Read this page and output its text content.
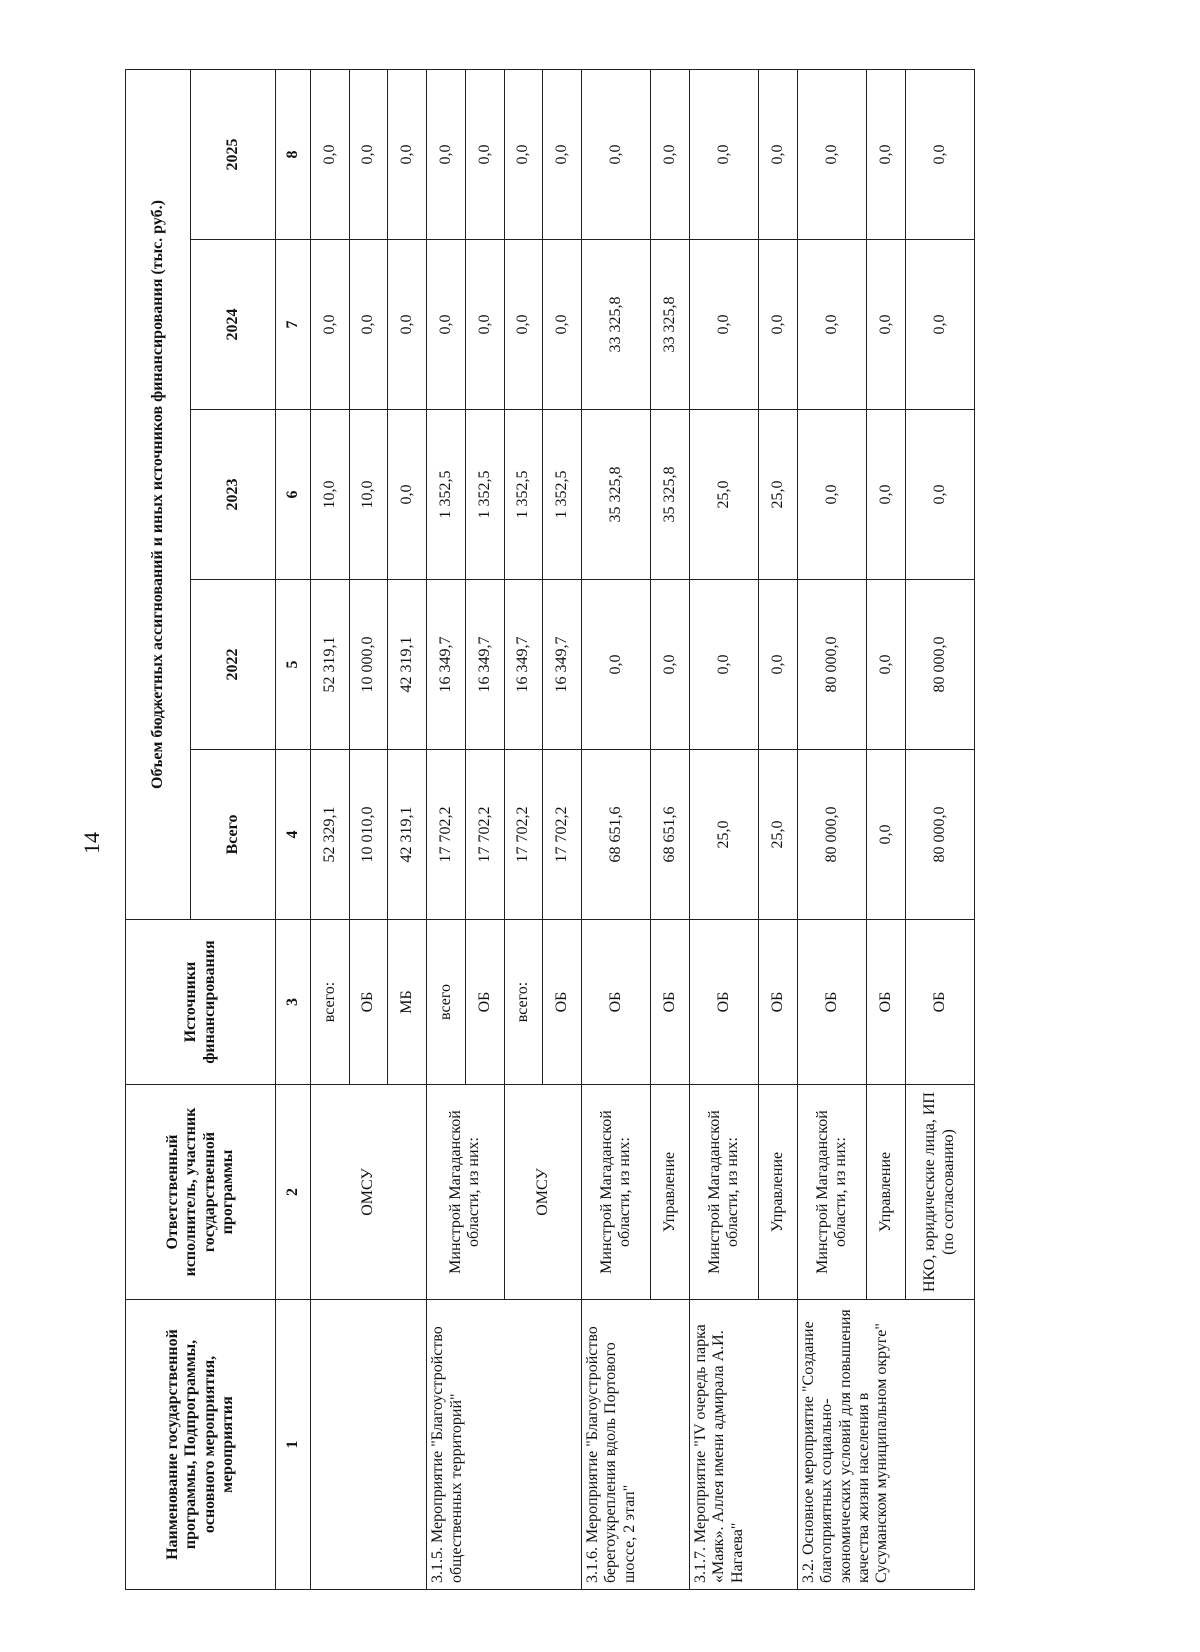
14
Наименование государственной программы, Подпрограммы, основного мероприятия, мероприятия	Ответственный исполнитель, участник государственной программы	Источники финансирования	Объем бюджетных ассигнований и иных источников финансирования (тыс. руб.)				
			Всего	2022	2023	2024	2025
1	2	3	4	5	6	7	8
	ОМСУ	всего:	52 329,1	52 319,1	10,0	0,0	0,0
		ОБ	10 010,0	10 000,0	10,0	0,0	0,0
		МБ	42 319,1	42 319,1	0,0	0,0	0,0
3.1.5. Мероприятие "Благоустройство общественных территорий"	Минстрой Магаданской области, из них:	всего	17 702,2	16 349,7	1 352,5	0,0	0,0
		ОБ	17 702,2	16 349,7	1 352,5	0,0	0,0
	ОМСУ	всего:	17 702,2	16 349,7	1 352,5	0,0	0,0
		ОБ	17 702,2	16 349,7	1 352,5	0,0	0,0
3.1.6. Мероприятие "Благоустройство берегоукрепления вдоль Портового шоссе, 2 этап"	Минстрой Магаданской области, из них:	ОБ	68 651,6	0,0	35 325,8	33 325,8	0,0
	Управление	ОБ	68 651,6	0,0	35 325,8	33 325,8	0,0
3.1.7. Мероприятие "IV очередь парка «Маяк». Аллея имени адмирала А.И. Нагаева"	Минстрой Магаданской области, из них:	ОБ	25,0	0,0	25,0	0,0	0,0
	Управление	ОБ	25,0	0,0	25,0	0,0	0,0
3.2. Основное мероприятие "Создание благоприятных социально-экономических условий для повышения качества жизни населения в Сусуманском муниципальном округе"	Минстрой Магаданской области, из них:	ОБ	80 000,0	80 000,0	0,0	0,0	0,0
	Управление	ОБ	0,0	0,0	0,0	0,0	0,0
	НКО, юридические лица, ИП (по согласованию)	ОБ	80 000,0	80 000,0	0,0	0,0	0,0
